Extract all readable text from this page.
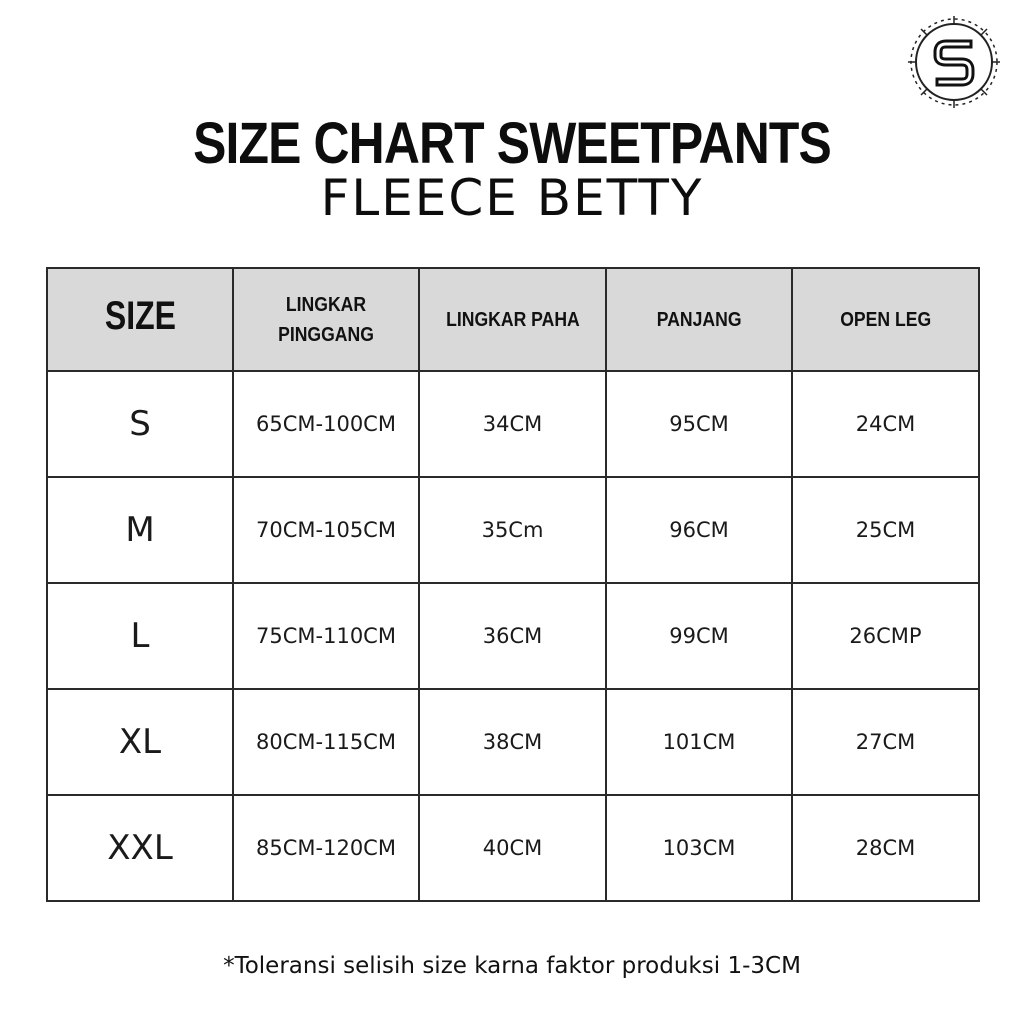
SIZE CHART SWEETPANTS
FLEECE BETTY
SIZE	LINGKAR PINGGANG	LINGKAR PAHA	PANJANG	OPEN LEG
S	65CM-100CM	34CM	95CM	24CM
M	70CM-105CM	35Cm	96CM	25CM
L	75CM-110CM	36CM	99CM	26CMP
XL	80CM-115CM	38CM	101CM	27CM
XXL	85CM-120CM	40CM	103CM	28CM
*Toleransi selisih size karna faktor produksi 1-3CM
